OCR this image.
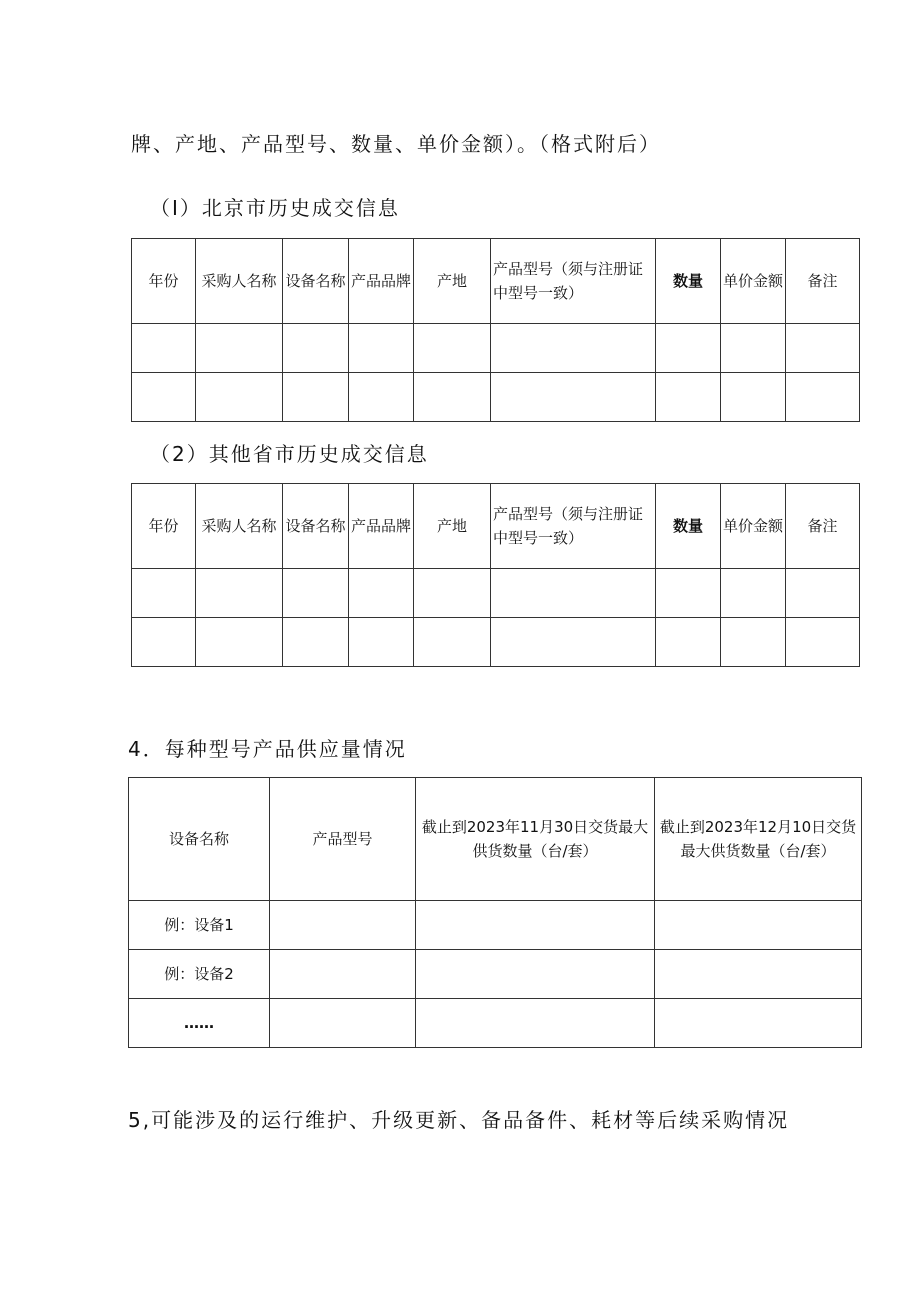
牌、产地、产品型号、数量、单价金额）。（格式附后）
（I）北京市历史成交信息
年份	采购人名称	设备名称	产品品牌	产地	产品型号（须与注册证中型号一致）	数量	单价金额	备注

（2）其他省市历史成交信息
年份	采购人名称	设备名称	产品品牌	产地	产品型号（须与注册证中型号一致）	数量	单价金额	备注

4．每种型号产品供应量情况
设备名称	产品型号	截止到2023年11月30日交货最大供货数量（台/套）	截止到2023年12月10日交货最大供货数量（台/套）
例：设备1			
例：设备2			
……			
5,可能涉及的运行维护、升级更新、备品备件、耗材等后续采购情况
